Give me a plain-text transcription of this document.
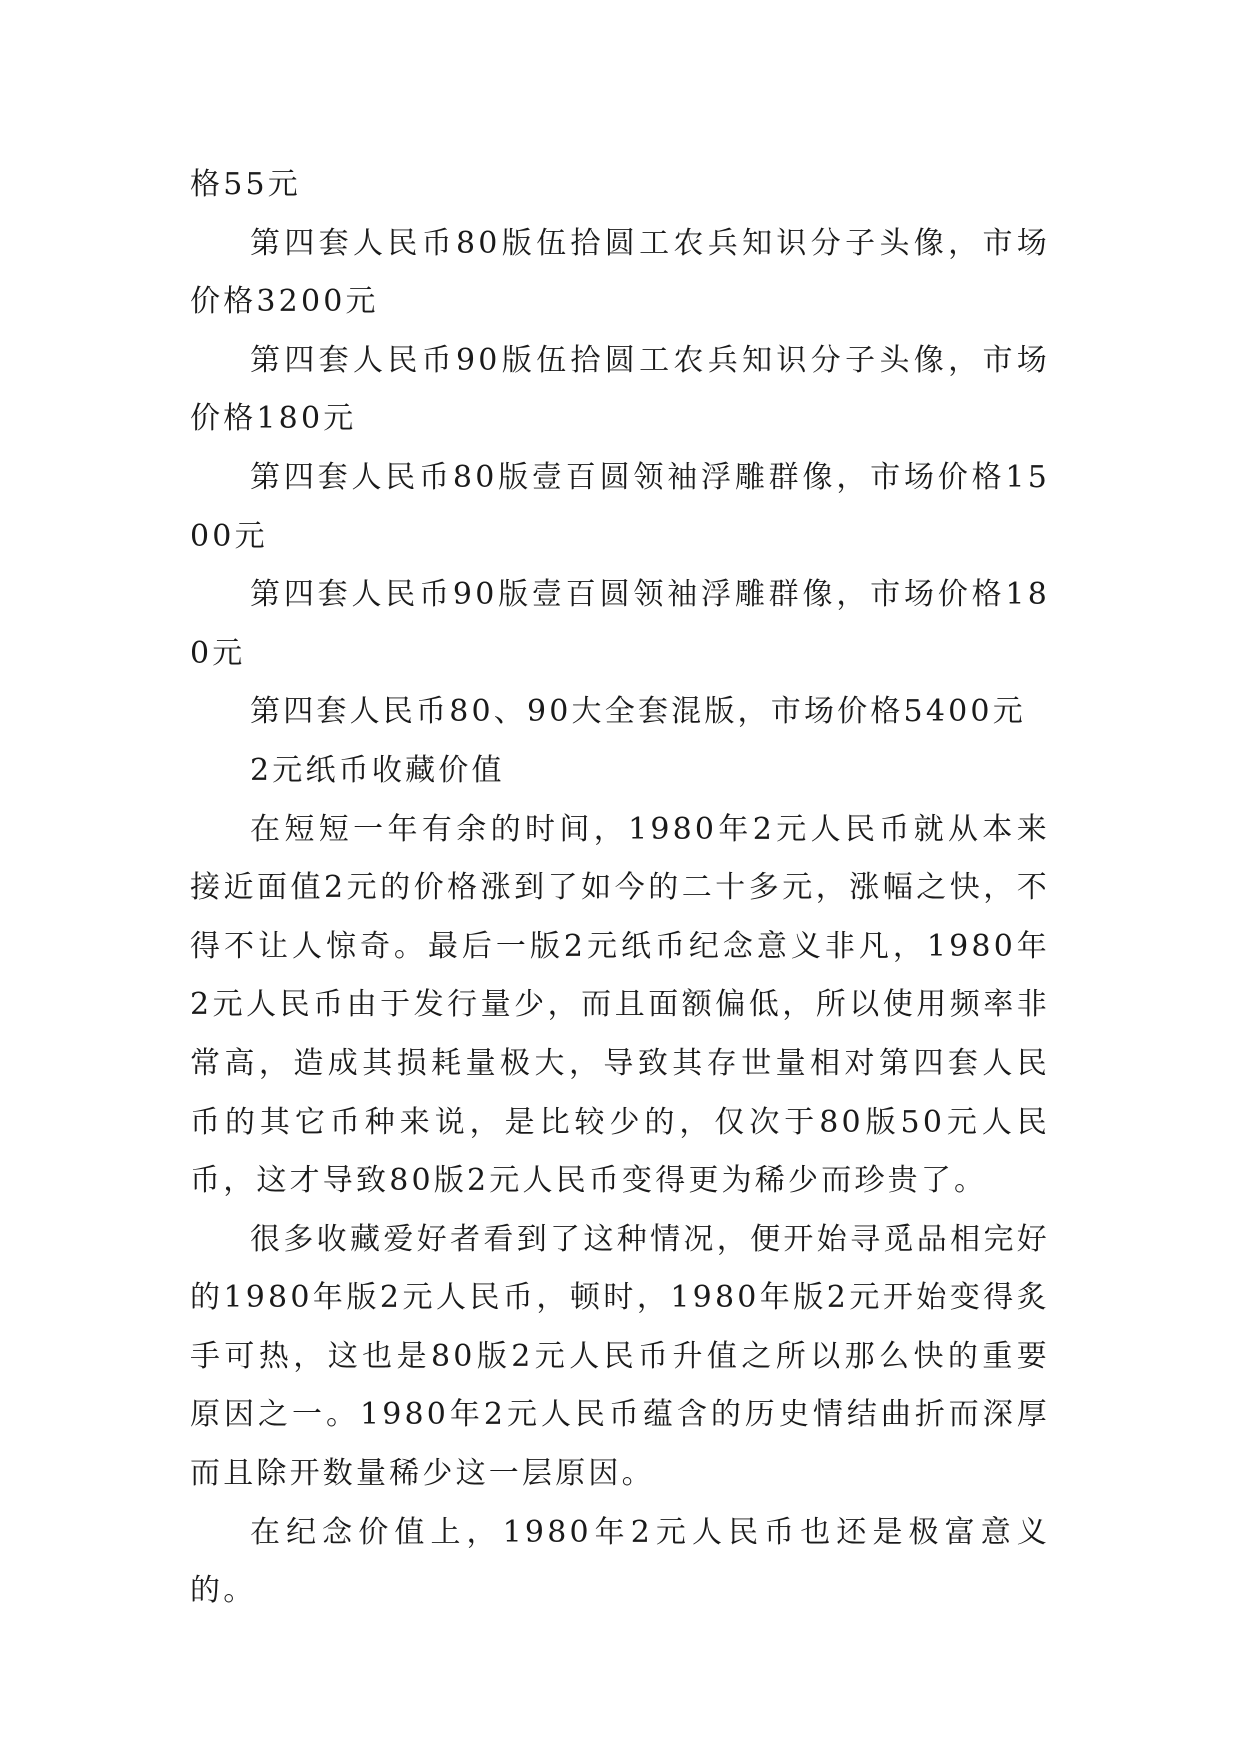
格55元

第四套人民币80版伍拾圆工农兵知识分子头像，市场价格3200元

第四套人民币90版伍拾圆工农兵知识分子头像，市场价格180元

第四套人民币80版壹百圆领袖浮雕群像，市场价格1500元

第四套人民币90版壹百圆领袖浮雕群像，市场价格180元

第四套人民币80、90大全套混版，市场价格5400元

2元纸币收藏价值

在短短一年有余的时间，1980年2元人民币就从本来接近面值2元的价格涨到了如今的二十多元，涨幅之快，不得不让人惊奇。最后一版2元纸币纪念意义非凡，1980年2元人民币由于发行量少，而且面额偏低，所以使用频率非常高，造成其损耗量极大，导致其存世量相对第四套人民币的其它币种来说，是比较少的，仅次于80版50元人民币，这才导致80版2元人民币变得更为稀少而珍贵了。

很多收藏爱好者看到了这种情况，便开始寻觅品相完好的1980年版2元人民币，顿时，1980年版2元开始变得炙手可热，这也是80版2元人民币升值之所以那么快的重要原因之一。1980年2元人民币蕴含的历史情结曲折而深厚而且除开数量稀少这一层原因。

在纪念价值上，1980年2元人民币也还是极富意义的。
